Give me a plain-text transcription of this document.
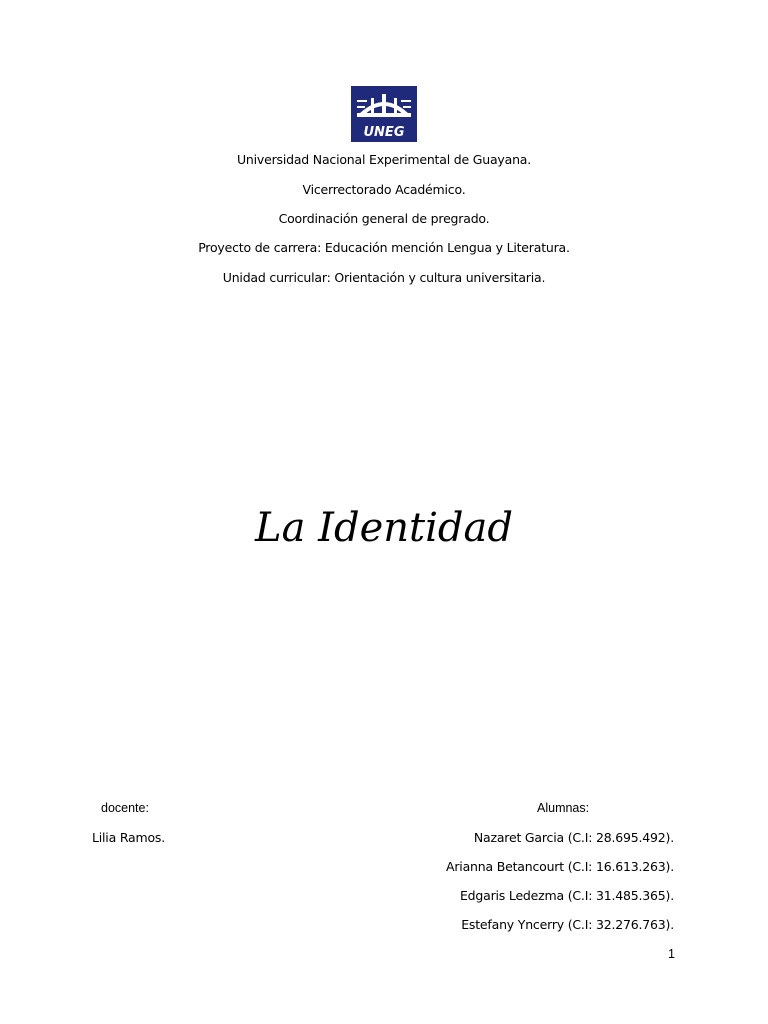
UNEG
Universidad Nacional Experimental de Guayana.
Vicerrectorado Académico.
Coordinación general de pregrado.
Proyecto de carrera: Educación mención Lengua y Literatura.
Unidad curricular: Orientación y cultura universitaria.
La Identidad
docente:
Lilia Ramos.
Alumnas:
Nazaret Garcia (C.I: 28.695.492).
Arianna Betancourt (C.I: 16.613.263).
Edgaris Ledezma (C.I: 31.485.365).
Estefany Yncerry (C.I: 32.276.763).
1
